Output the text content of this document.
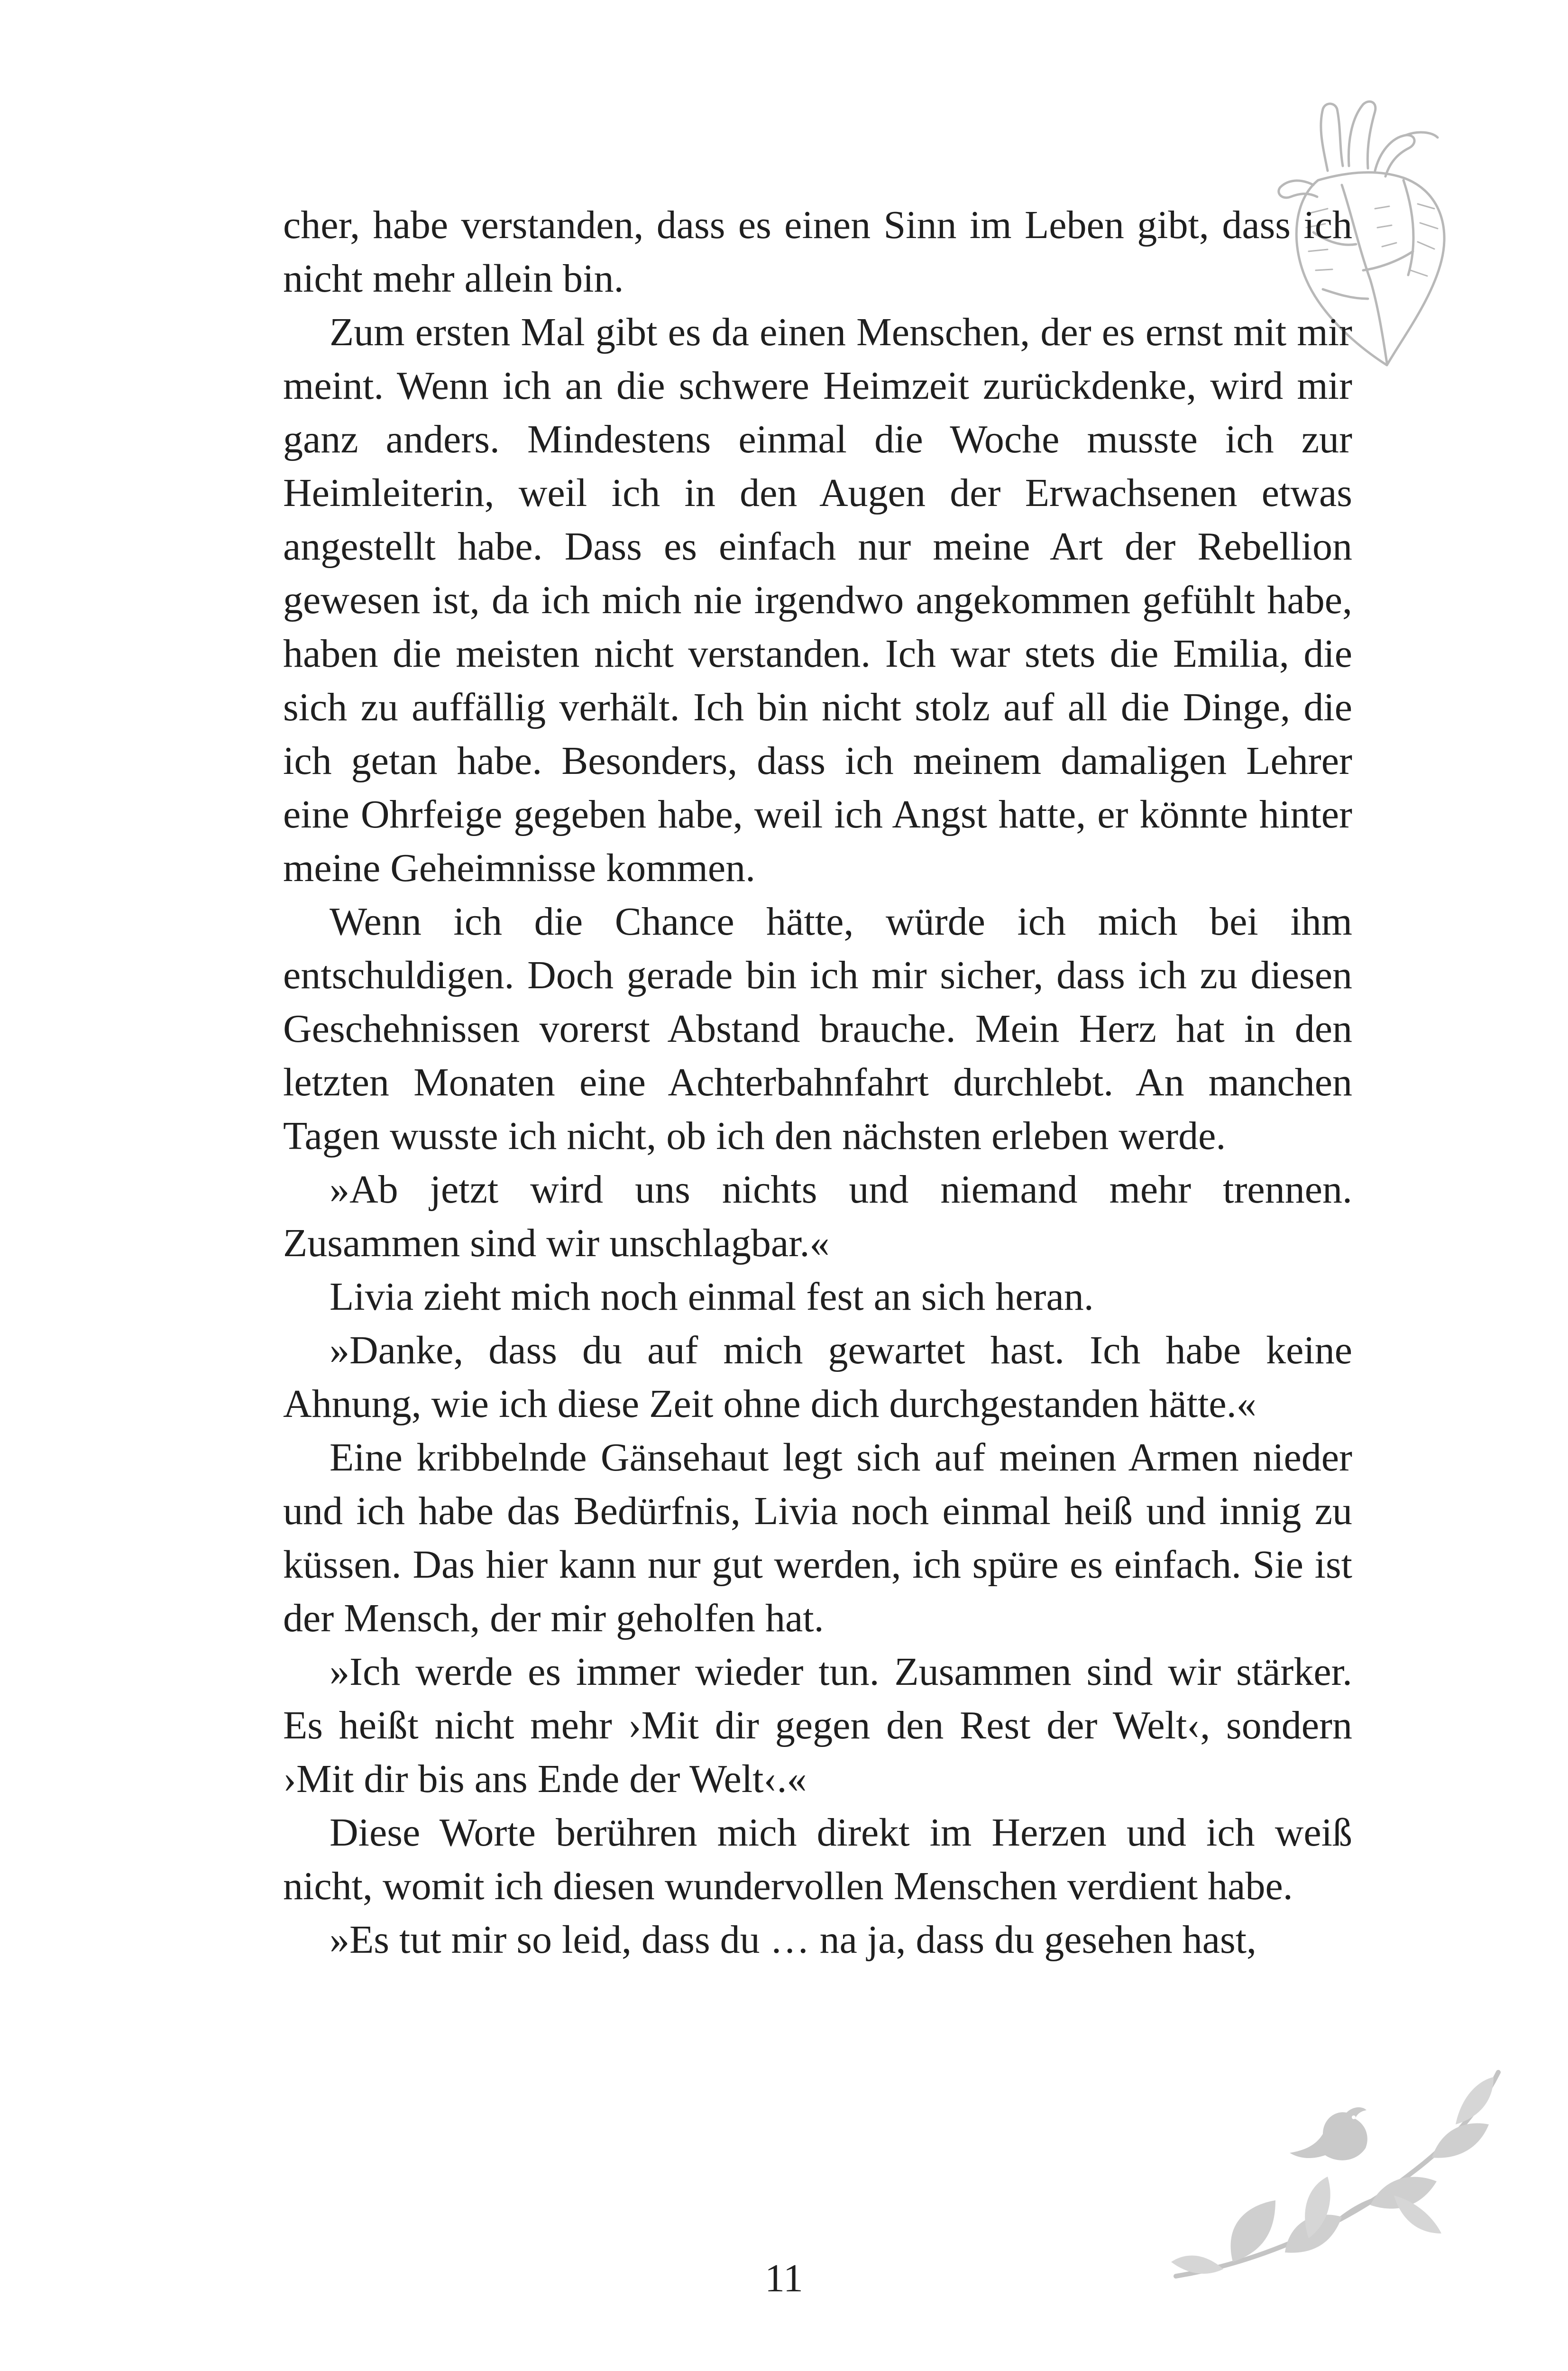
cher, habe verstanden, dass es einen Sinn im Leben gibt, dass ich nicht mehr allein bin.

Zum ersten Mal gibt es da einen Menschen, der es ernst mit mir meint. Wenn ich an die schwere Heimzeit zurückdenke, wird mir ganz anders. Mindestens einmal die Woche musste ich zur Heimleiterin, weil ich in den Augen der Erwachsenen etwas angestellt habe. Dass es einfach nur meine Art der Rebellion gewesen ist, da ich mich nie irgendwo angekommen gefühlt habe, haben die meisten nicht verstanden. Ich war stets die Emilia, die sich zu auffällig verhält. Ich bin nicht stolz auf all die Dinge, die ich getan habe. Besonders, dass ich meinem damaligen Lehrer eine Ohrfeige gegeben habe, weil ich Angst hatte, er könnte hinter meine Geheimnisse kommen.

Wenn ich die Chance hätte, würde ich mich bei ihm entschuldigen. Doch gerade bin ich mir sicher, dass ich zu diesen Geschehnissen vorerst Abstand brauche. Mein Herz hat in den letzten Monaten eine Achterbahnfahrt durchlebt. An manchen Tagen wusste ich nicht, ob ich den nächsten erleben werde.

»Ab jetzt wird uns nichts und niemand mehr trennen. Zusammen sind wir unschlagbar.«

Livia zieht mich noch einmal fest an sich heran.

»Danke, dass du auf mich gewartet hast. Ich habe keine Ahnung, wie ich diese Zeit ohne dich durchgestanden hätte.«

Eine kribbelnde Gänsehaut legt sich auf meinen Armen nieder und ich habe das Bedürfnis, Livia noch einmal heiß und innig zu küssen. Das hier kann nur gut werden, ich spüre es einfach. Sie ist der Mensch, der mir geholfen hat.

»Ich werde es immer wieder tun. Zusammen sind wir stärker. Es heißt nicht mehr ›Mit dir gegen den Rest der Welt‹, sondern ›Mit dir bis ans Ende der Welt‹.«

Diese Worte berühren mich direkt im Herzen und ich weiß nicht, womit ich diesen wundervollen Menschen verdient habe.

»Es tut mir so leid, dass du … na ja, dass du gesehen hast,

11
